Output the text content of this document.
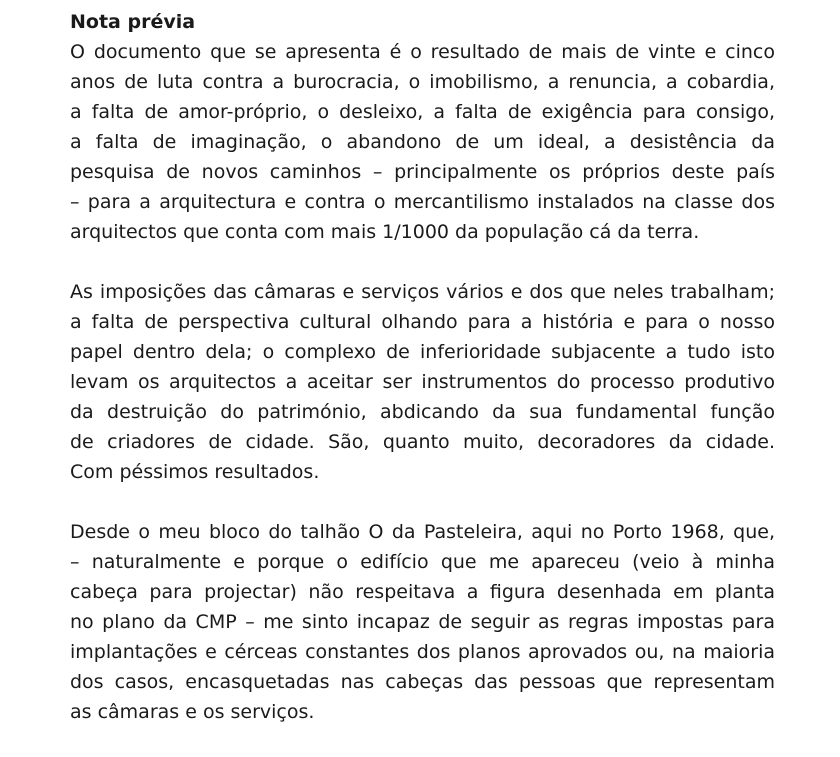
Nota prévia
O documento que se apresenta é o resultado de mais de vinte e cinco
anos de luta contra a burocracia, o imobilismo, a renuncia, a cobardia,
a falta de amor-próprio, o desleixo, a falta de exigência para consigo,
a falta de imaginação, o abandono de um ideal, a desistência da
pesquisa de novos caminhos – principalmente os próprios deste país
– para a arquitectura e contra o mercantilismo instalados na classe dos
arquitectos que conta com mais 1/1000 da população cá da terra.
As imposições das câmaras e serviços vários e dos que neles trabalham;
a falta de perspectiva cultural olhando para a história e para o nosso
papel dentro dela; o complexo de inferioridade subjacente a tudo isto
levam os arquitectos a aceitar ser instrumentos do processo produtivo
da destruição do património, abdicando da sua fundamental função
de criadores de cidade. São, quanto muito, decoradores da cidade.
Com péssimos resultados.
Desde o meu bloco do talhão O da Pasteleira, aqui no Porto 1968, que,
– naturalmente e porque o edifício que me apareceu (veio à minha
cabeça para projectar) não respeitava a figura desenhada em planta
no plano da CMP – me sinto incapaz de seguir as regras impostas para
implantações e cérceas constantes dos planos aprovados ou, na maioria
dos casos, encasquetadas nas cabeças das pessoas que representam
as câmaras e os serviços.
